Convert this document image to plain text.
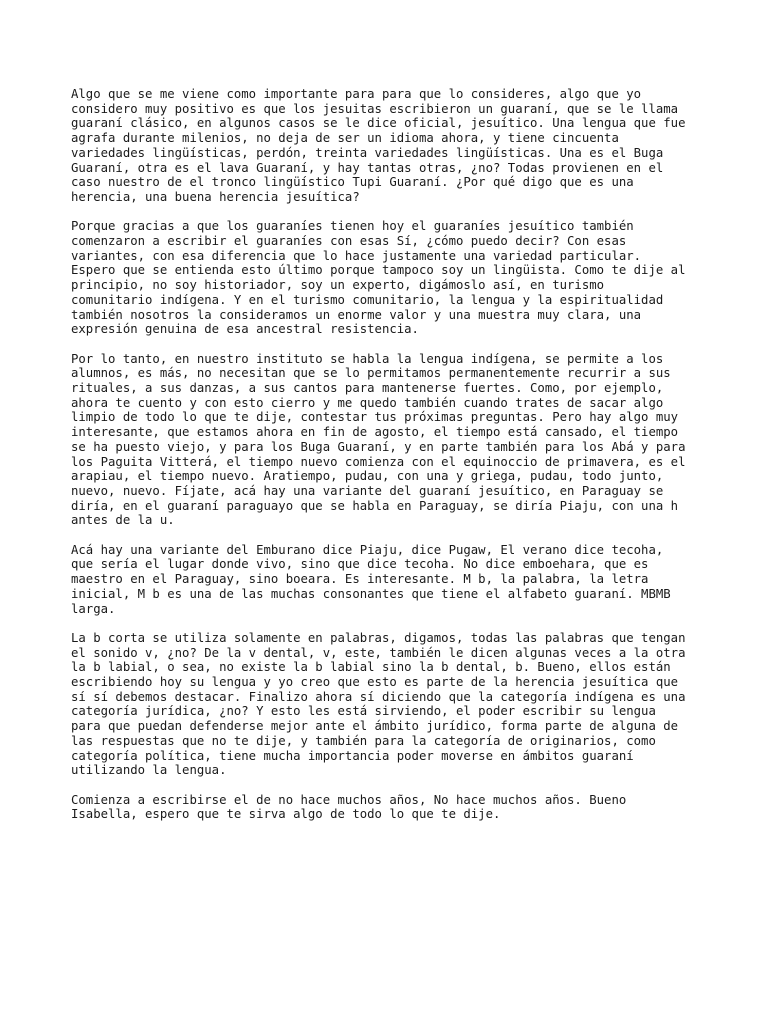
Algo que se me viene como importante para para que lo consideres, algo que yo
considero muy positivo es que los jesuitas escribieron un guaraní, que se le llama
guaraní clásico, en algunos casos se le dice oficial, jesuítico. Una lengua que fue
agrafa durante milenios, no deja de ser un idioma ahora, y tiene cincuenta
variedades lingüísticas, perdón, treinta variedades lingüísticas. Una es el Buga
Guaraní, otra es el lava Guaraní, y hay tantas otras, ¿no? Todas provienen en el
caso nuestro de el tronco lingüístico Tupi Guaraní. ¿Por qué digo que es una
herencia, una buena herencia jesuítica?

Porque gracias a que los guaraníes tienen hoy el guaraníes jesuítico también
comenzaron a escribir el guaraníes con esas Sí, ¿cómo puedo decir? Con esas
variantes, con esa diferencia que lo hace justamente una variedad particular.
Espero que se entienda esto último porque tampoco soy un lingüista. Como te dije al
principio, no soy historiador, soy un experto, digámoslo así, en turismo
comunitario indígena. Y en el turismo comunitario, la lengua y la espiritualidad
también nosotros la consideramos un enorme valor y una muestra muy clara, una
expresión genuina de esa ancestral resistencia.

Por lo tanto, en nuestro instituto se habla la lengua indígena, se permite a los
alumnos, es más, no necesitan que se lo permitamos permanentemente recurrir a sus
rituales, a sus danzas, a sus cantos para mantenerse fuertes. Como, por ejemplo,
ahora te cuento y con esto cierro y me quedo también cuando trates de sacar algo
limpio de todo lo que te dije, contestar tus próximas preguntas. Pero hay algo muy
interesante, que estamos ahora en fin de agosto, el tiempo está cansado, el tiempo
se ha puesto viejo, y para los Buga Guaraní, y en parte también para los Abá y para
los Paguita Vitterá, el tiempo nuevo comienza con el equinoccio de primavera, es el
arapiau, el tiempo nuevo. Aratiempo, pudau, con una y griega, pudau, todo junto,
nuevo, nuevo. Fíjate, acá hay una variante del guaraní jesuítico, en Paraguay se
diría, en el guaraní paraguayo que se habla en Paraguay, se diría Piaju, con una h
antes de la u.

Acá hay una variante del Emburano dice Piaju, dice Pugaw, El verano dice tecoha,
que sería el lugar donde vivo, sino que dice tecoha. No dice emboehara, que es
maestro en el Paraguay, sino boeara. Es interesante. M b, la palabra, la letra
inicial, M b es una de las muchas consonantes que tiene el alfabeto guaraní. MBMB
larga.

La b corta se utiliza solamente en palabras, digamos, todas las palabras que tengan
el sonido v, ¿no? De la v dental, v, este, también le dicen algunas veces a la otra
la b labial, o sea, no existe la b labial sino la b dental, b. Bueno, ellos están
escribiendo hoy su lengua y yo creo que esto es parte de la herencia jesuítica que
sí sí debemos destacar. Finalizo ahora sí diciendo que la categoría indígena es una
categoría jurídica, ¿no? Y esto les está sirviendo, el poder escribir su lengua
para que puedan defenderse mejor ante el ámbito jurídico, forma parte de alguna de
las respuestas que no te dije, y también para la categoría de originarios, como
categoría política, tiene mucha importancia poder moverse en ámbitos guaraní
utilizando la lengua.

Comienza a escribirse el de no hace muchos años, No hace muchos años. Bueno
Isabella, espero que te sirva algo de todo lo que te dije.
